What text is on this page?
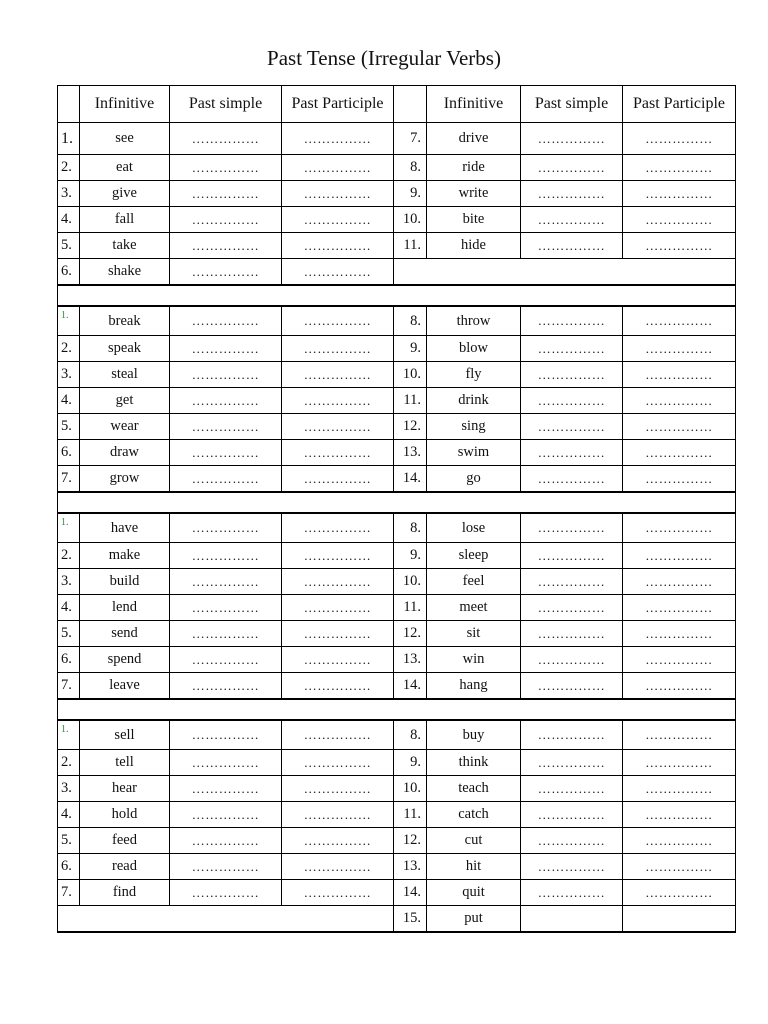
Past Tense (Irregular Verbs)
	Infinitive	Past simple	Past Participle		Infinitive	Past simple	Past Participle
1.	see	……………	……………	7.	drive	……………	……………
2.	eat	……………	……………	8.	ride	……………	……………
3.	give	……………	……………	9.	write	……………	……………
4.	fall	……………	……………	10.	bite	……………	……………
5.	take	……………	……………	11.	hide	……………	……………
6.	shake	……………	……………				

1.	break	……………	……………	8.	throw	……………	……………
2.	speak	……………	……………	9.	blow	……………	……………
3.	steal	……………	……………	10.	fly	……………	……………
4.	get	……………	……………	11.	drink	……………	……………
5.	wear	……………	……………	12.	sing	……………	……………
6.	draw	……………	……………	13.	swim	……………	……………
7.	grow	……………	……………	14.	go	……………	……………

1.	have	……………	……………	8.	lose	……………	……………
2.	make	……………	……………	9.	sleep	……………	……………
3.	build	……………	……………	10.	feel	……………	……………
4.	lend	……………	……………	11.	meet	……………	……………
5.	send	……………	……………	12.	sit	……………	……………
6.	spend	……………	……………	13.	win	……………	……………
7.	leave	……………	……………	14.	hang	……………	……………

1.	sell	……………	……………	8.	buy	……………	……………
2.	tell	……………	……………	9.	think	……………	……………
3.	hear	……………	……………	10.	teach	……………	……………
4.	hold	……………	……………	11.	catch	……………	……………
5.	feed	……………	……………	12.	cut	……………	……………
6.	read	……………	……………	13.	hit	……………	……………
7.	find	……………	……………	14.	quit	……………	……………
				15.	put		
